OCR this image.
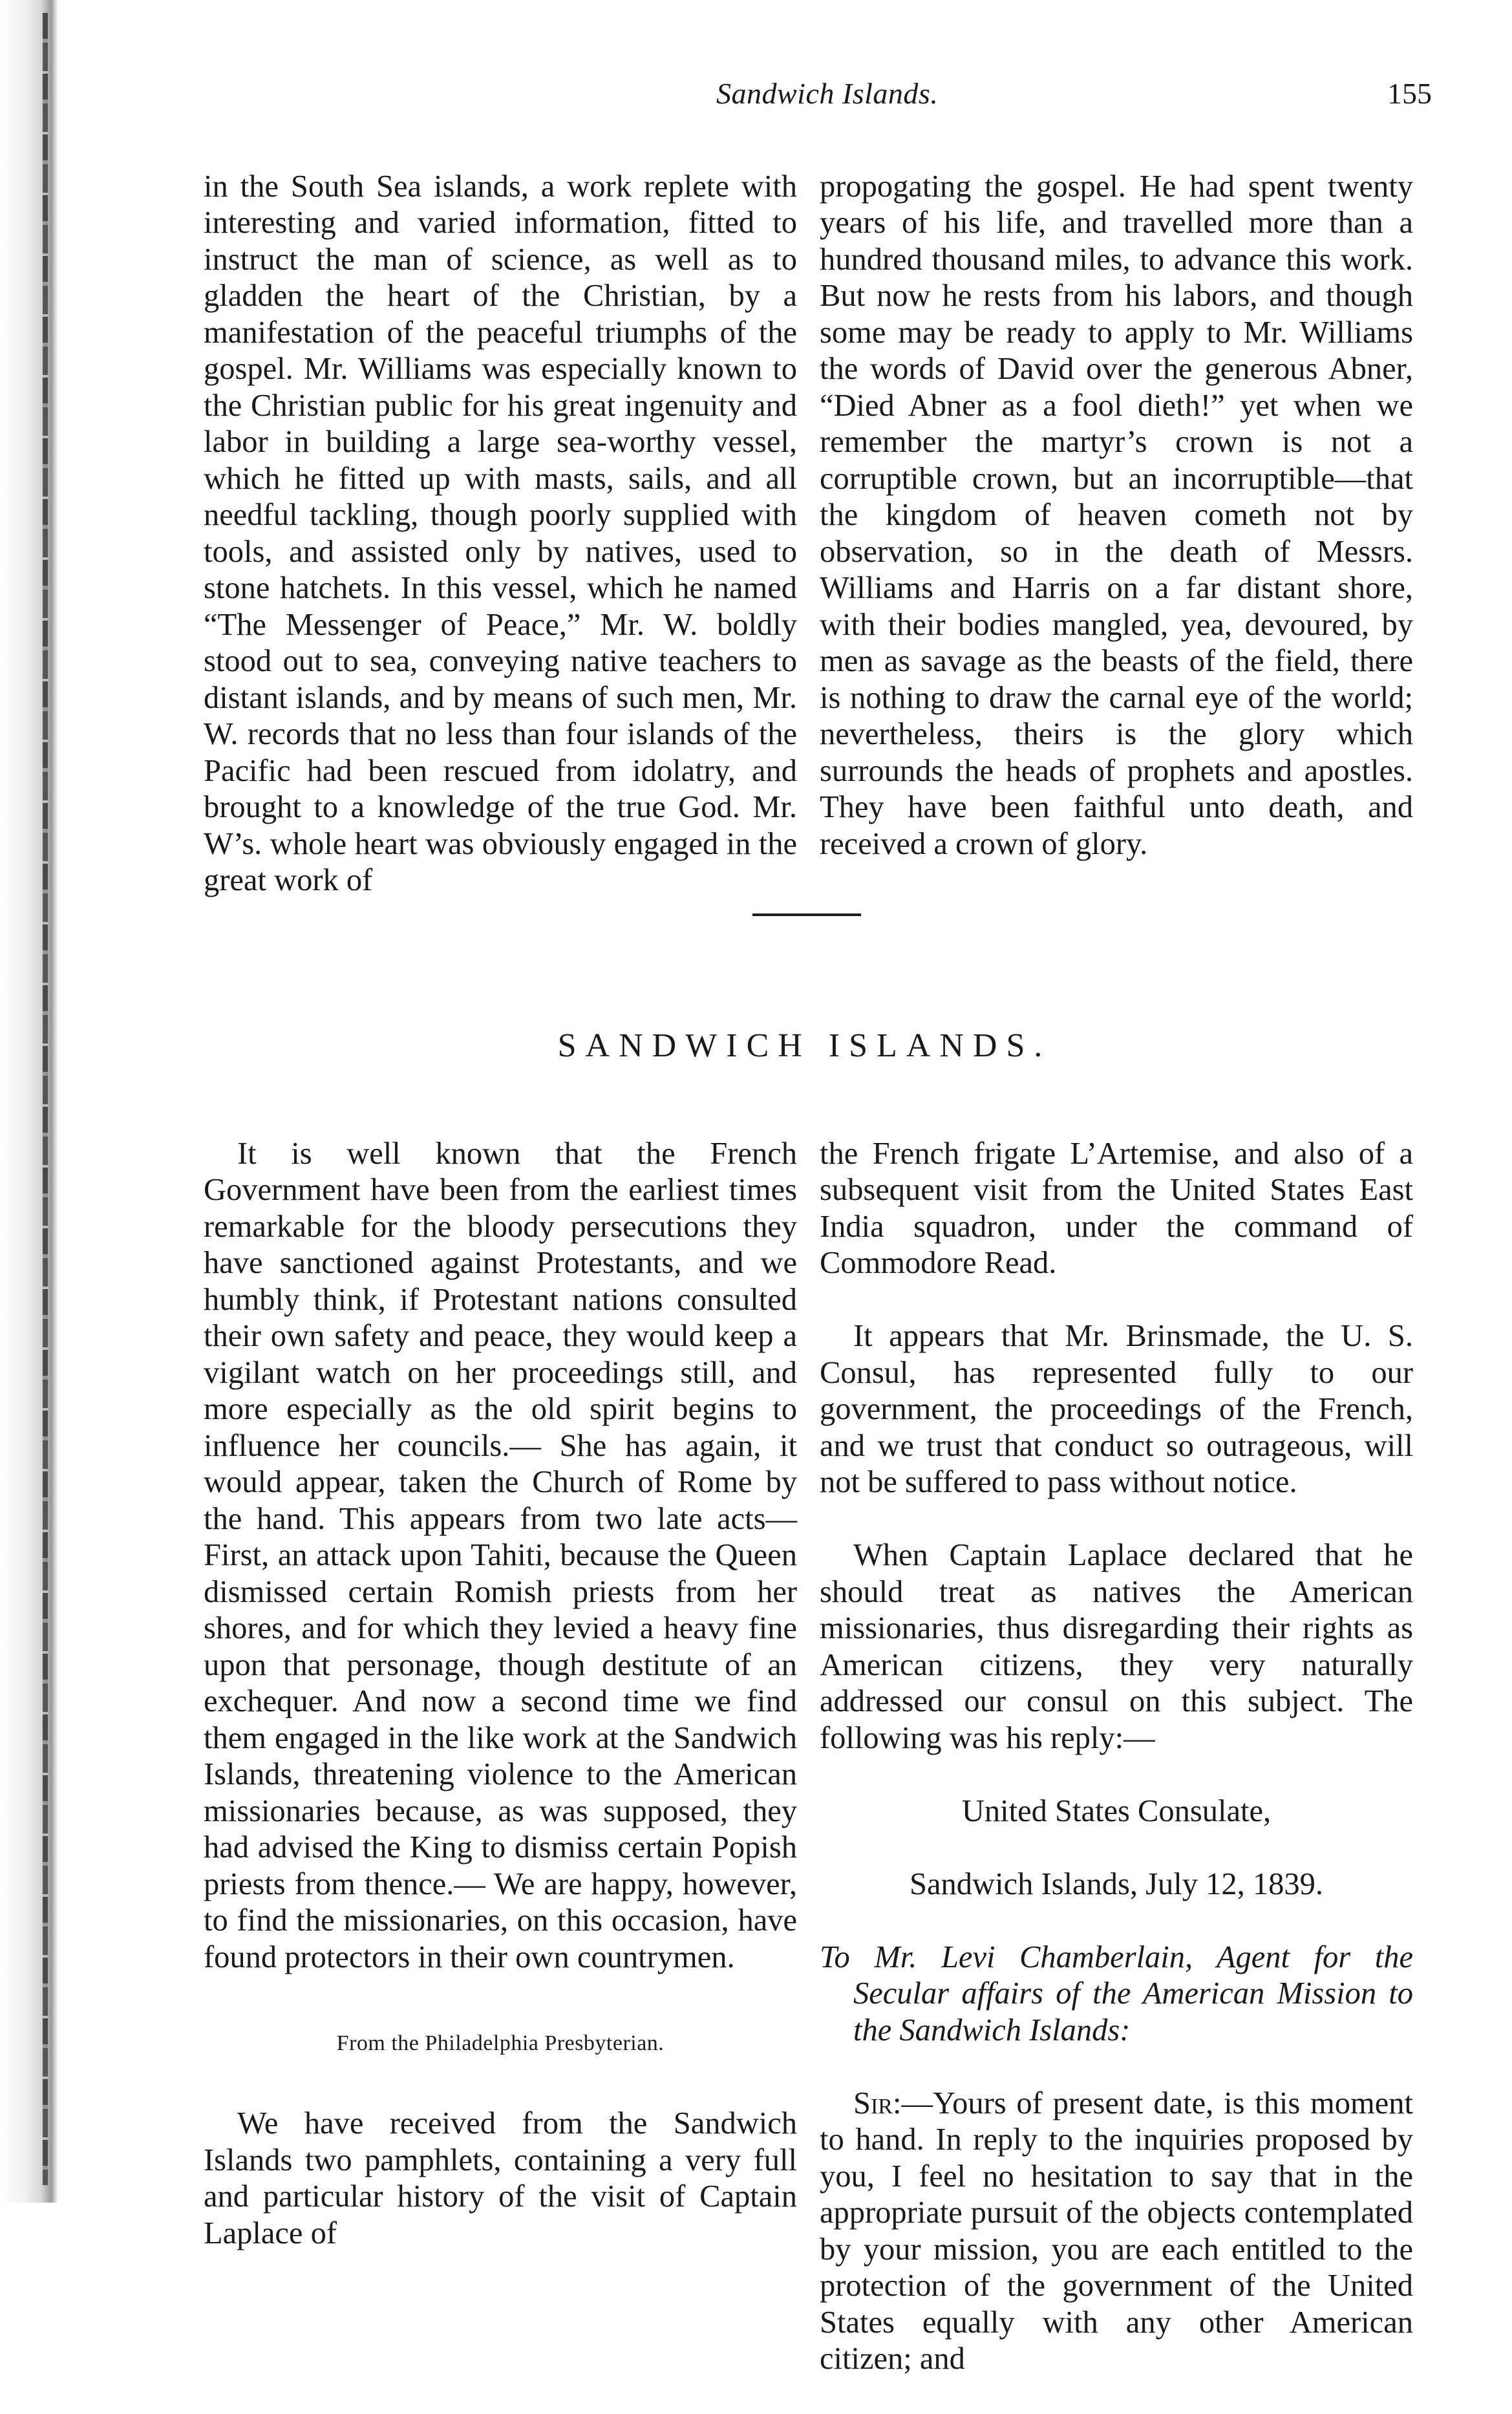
Sandwich Islands.	155

in the South Sea islands, a work replete with interesting and varied information, fitted to instruct the man of science, as well as to gladden the heart of the Christian, by a manifestation of the peaceful triumphs of the gospel. Mr. Williams was especially known to the Christian public for his great ingenuity and labor in building a large sea-worthy vessel, which he fitted up with masts, sails, and all needful tackling, though poorly supplied with tools, and assisted only by natives, used to stone hatchets. In this vessel, which he named “The Messenger of Peace,” Mr. W. boldly stood out to sea, conveying native teachers to distant islands, and by means of such men, Mr. W. records that no less than four islands of the Pacific had been rescued from idolatry, and brought to a knowledge of the true God. Mr. W’s. whole heart was obviously engaged in the great work of

propogating the gospel. He had spent twenty years of his life, and travelled more than a hundred thousand miles, to advance this work. But now he rests from his labors, and though some may be ready to apply to Mr. Williams the words of David over the generous Abner, “Died Abner as a fool dieth!” yet when we remember the martyr’s crown is not a corruptible crown, but an incorruptible—that the kingdom of heaven cometh not by observation, so in the death of Messrs. Williams and Harris on a far distant shore, with their bodies mangled, yea, devoured, by men as savage as the beasts of the field, there is nothing to draw the carnal eye of the world; nevertheless, theirs is the glory which surrounds the heads of prophets and apostles. They have been faithful unto death, and received a crown of glory.

SANDWICH ISLANDS.

It is well known that the French Government have been from the earliest times remarkable for the bloody persecutions they have sanctioned against Protestants, and we humbly think, if Protestant nations consulted their own safety and peace, they would keep a vigilant watch on her proceedings still, and more especially as the old spirit begins to influence her councils.— She has again, it would appear, taken the Church of Rome by the hand. This appears from two late acts—First, an attack upon Tahiti, because the Queen dismissed certain Romish priests from her shores, and for which they levied a heavy fine upon that personage, though destitute of an exchequer. And now a second time we find them engaged in the like work at the Sandwich Islands, threatening violence to the American missionaries because, as was supposed, they had advised the King to dismiss certain Popish priests from thence.— We are happy, however, to find the missionaries, on this occasion, have found protectors in their own countrymen.

From the Philadelphia Presbyterian.

We have received from the Sandwich Islands two pamphlets, containing a very full and particular history of the visit of Captain Laplace of

the French frigate L’Artemise, and also of a subsequent visit from the United States East India squadron, under the command of Commodore Read.

It appears that Mr. Brinsmade, the U. S. Consul, has represented fully to our government, the proceedings of the French, and we trust that conduct so outrageous, will not be suffered to pass without notice.

When Captain Laplace declared that he should treat as natives the American missionaries, thus disregarding their rights as American citizens, they very naturally addressed our consul on this subject. The following was his reply:—

United States Consulate,

Sandwich Islands, July 12, 1839.

To Mr. Levi Chamberlain, Agent for the Secular affairs of the American Mission to the Sandwich Islands:

Sir:—Yours of present date, is this moment to hand. In reply to the inquiries proposed by you, I feel no hesitation to say that in the appropriate pursuit of the objects contemplated by your mission, you are each entitled to the protection of the government of the United States equally with any other American citizen; and
